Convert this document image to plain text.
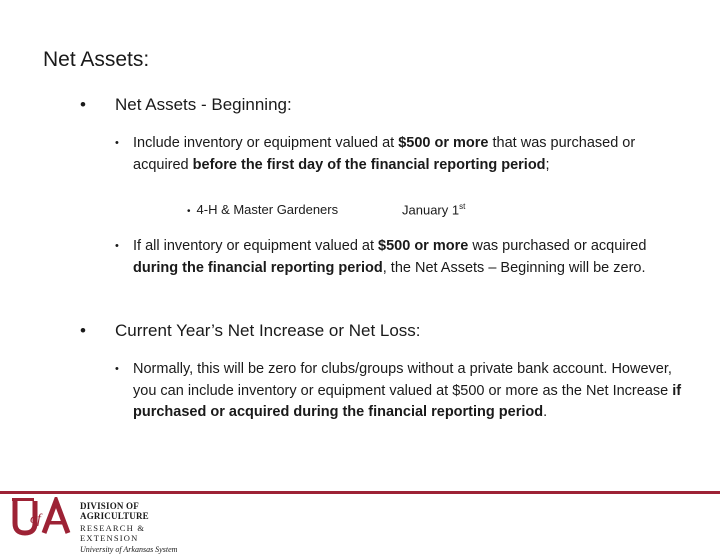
Net Assets:
• Net Assets - Beginning:
• Include inventory or equipment valued at $500 or more that was purchased or acquired before the first day of the financial reporting period;
• 4-H & Master Gardeners	January 1st
• If all inventory or equipment valued at $500 or more was purchased or acquired during the financial reporting period, the Net Assets – Beginning will be zero.
• Current Year’s Net Increase or Net Loss:
• Normally, this will be zero for clubs/groups without a private bank account. However, you can include inventory or equipment valued at $500 or more as the Net Increase if purchased or acquired during the financial reporting period.
of
DIVISION OF AGRICULTURE
RESEARCH & EXTENSION
University of Arkansas System
